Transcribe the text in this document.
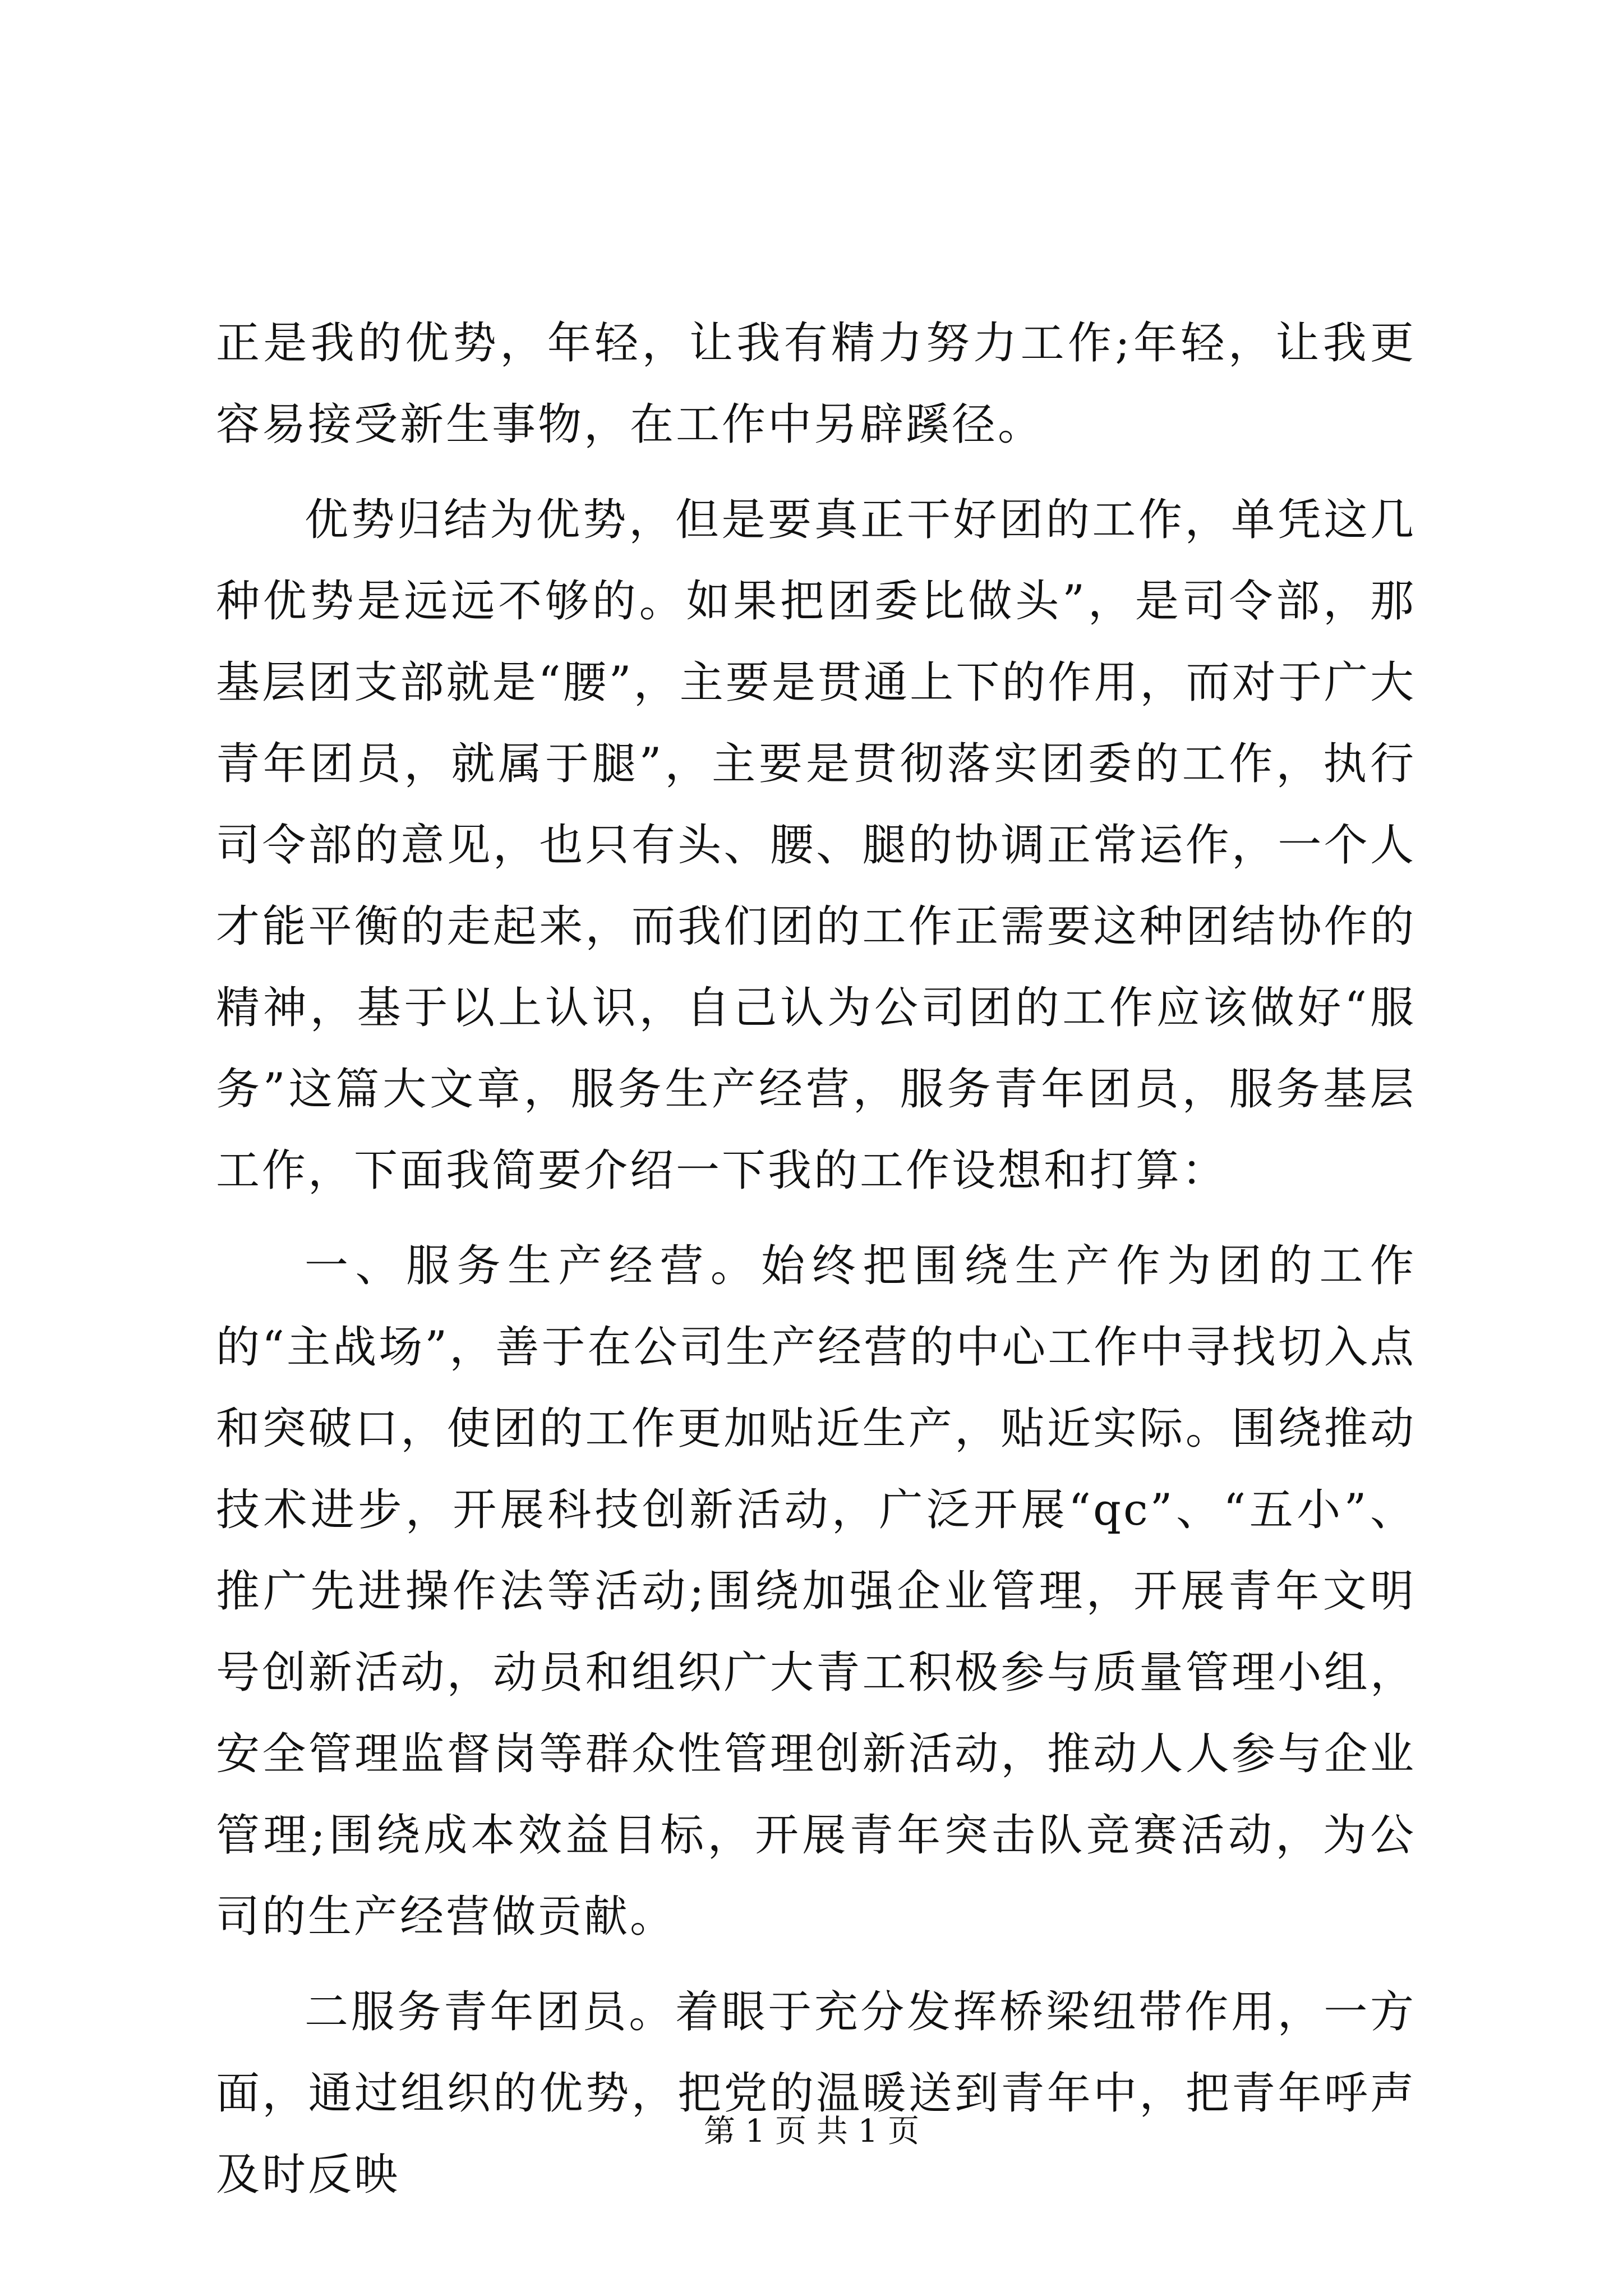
正是我的优势，年轻，让我有精力努力工作;年轻，让我更容易接受新生事物，在工作中另辟蹊径。

优势归结为优势，但是要真正干好团的工作，单凭这几种优势是远远不够的。如果把团委比做头”，是司令部，那基层团支部就是“腰”，主要是贯通上下的作用，而对于广大青年团员，就属于腿”，主要是贯彻落实团委的工作，执行司令部的意见，也只有头、腰、腿的协调正常运作，一个人才能平衡的走起来，而我们团的工作正需要这种团结协作的精神，基于以上认识，自己认为公司团的工作应该做好“服务”这篇大文章，服务生产经营，服务青年团员，服务基层工作，下面我简要介绍一下我的工作设想和打算：

一、服务生产经营。始终把围绕生产作为团的工作的“主战场”，善于在公司生产经营的中心工作中寻找切入点和突破口，使团的工作更加贴近生产，贴近实际。围绕推动技术进步，开展科技创新活动，广泛开展“qc”、“五小”、推广先进操作法等活动;围绕加强企业管理，开展青年文明号创新活动，动员和组织广大青工积极参与质量管理小组，安全管理监督岗等群众性管理创新活动，推动人人参与企业管理;围绕成本效益目标，开展青年突击队竞赛活动，为公司的生产经营做贡献。

二服务青年团员。着眼于充分发挥桥梁纽带作用，一方面，通过组织的优势，把党的温暖送到青年中，把青年呼声及时反映

第 1 页 共 1 页
